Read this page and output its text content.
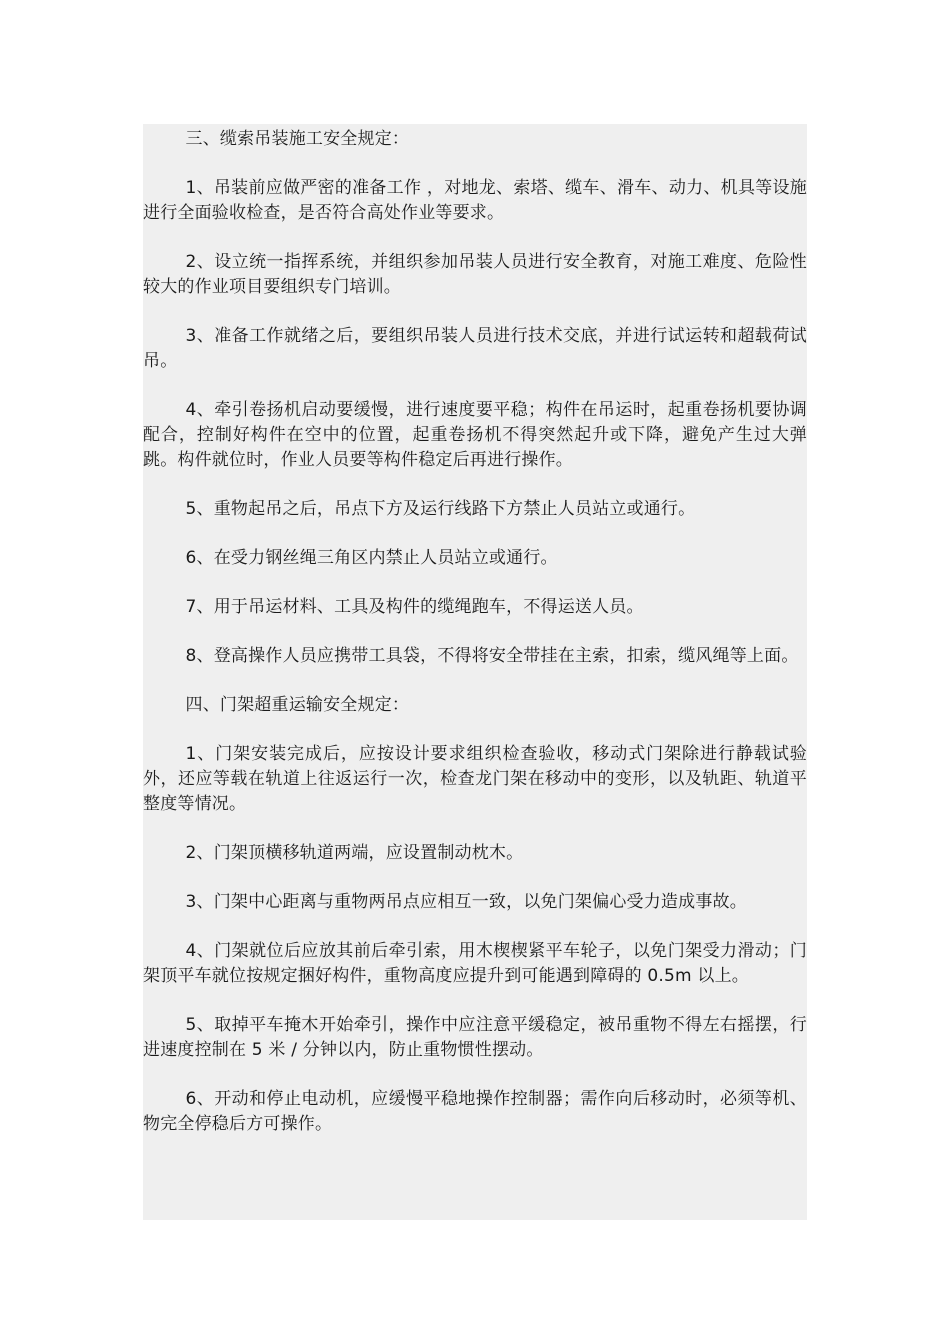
三、缆索吊装施工安全规定：

1、吊装前应做严密的准备工作 ，对地龙、索塔、缆车、滑车、动力、机具等设施进行全面验收检查，是否符合高处作业等要求。

2、设立统一指挥系统，并组织参加吊装人员进行安全教育，对施工难度、危险性较大的作业项目要组织专门培训。

3、准备工作就绪之后，要组织吊装人员进行技术交底，并进行试运转和超载荷试吊。

4、牵引卷扬机启动要缓慢，进行速度要平稳；构件在吊运时，起重卷扬机要协调配合，控制好构件在空中的位置，起重卷扬机不得突然起升或下降，避免产生过大弹跳。构件就位时，作业人员要等构件稳定后再进行操作。

5、重物起吊之后，吊点下方及运行线路下方禁止人员站立或通行。

6、在受力钢丝绳三角区内禁止人员站立或通行。

7、用于吊运材料、工具及构件的缆绳跑车，不得运送人员。

8、登高操作人员应携带工具袋，不得将安全带挂在主索，扣索，缆风绳等上面。

四、门架超重运输安全规定：

1、门架安装完成后，应按设计要求组织检查验收，移动式门架除进行静载试验外，还应等载在轨道上往返运行一次，检查龙门架在移动中的变形，以及轨距、轨道平整度等情况。

2、门架顶横移轨道两端，应设置制动枕木。

3、门架中心距离与重物两吊点应相互一致，以免门架偏心受力造成事故。

4、门架就位后应放其前后牵引索，用木楔楔紧平车轮子，以免门架受力滑动；门架顶平车就位按规定捆好构件，重物高度应提升到可能遇到障碍的 0.5m 以上。

5、取掉平车掩木开始牵引，操作中应注意平缓稳定，被吊重物不得左右摇摆，行进速度控制在 5 米 / 分钟以内，防止重物惯性摆动。

6、开动和停止电动机，应缓慢平稳地操作控制器；需作向后移动时，必须等机、物完全停稳后方可操作。
